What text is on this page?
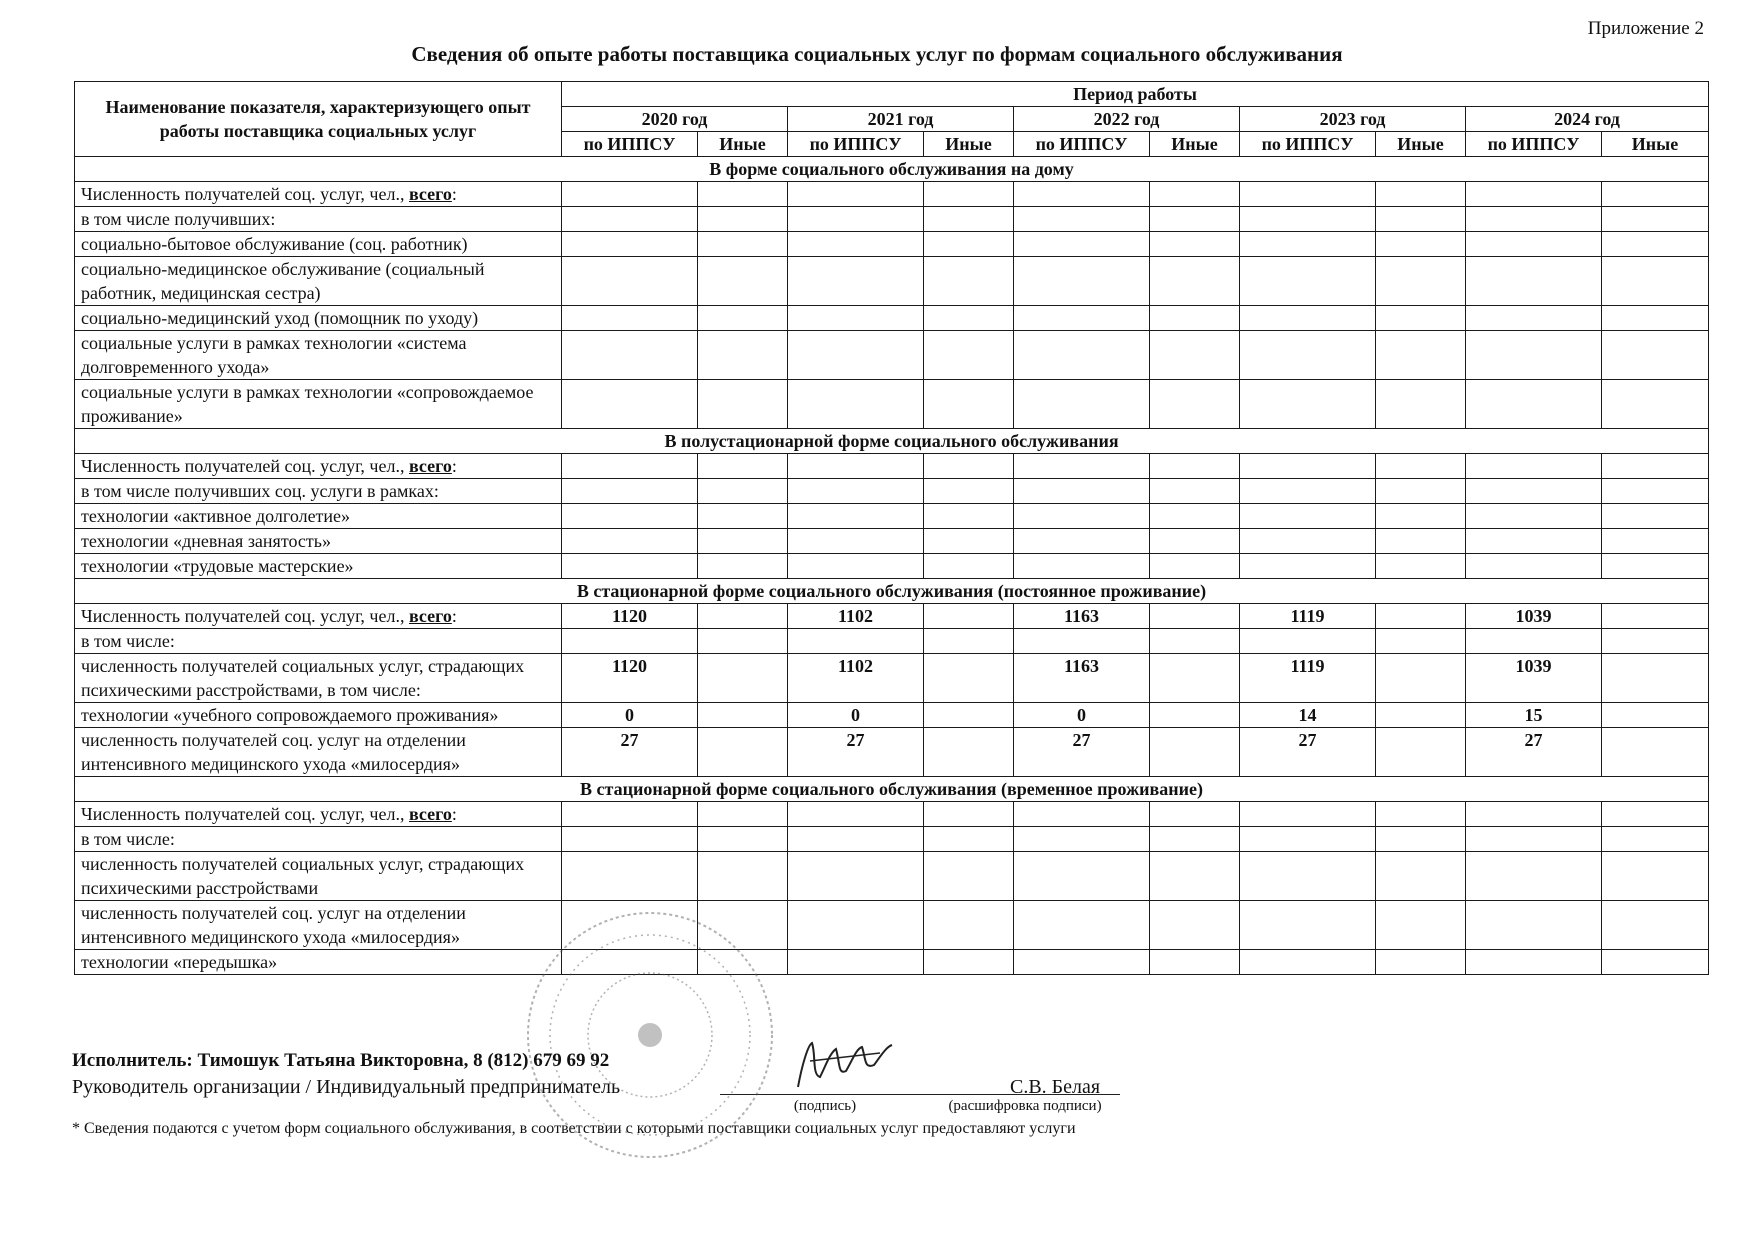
Приложение 2
Сведения об опыте работы поставщика социальных услуг по формам социального обслуживания
Наименование показателя, характеризующего опыт работы поставщика социальных услуг	Период работы									
	2020 год		2021 год		2022 год		2023 год		2024 год	
	по ИППСУ	Иные	по ИППСУ	Иные	по ИППСУ	Иные	по ИППСУ	Иные	по ИППСУ	Иные
В форме социального обслуживания на дому										
Численность получателей соц. услуг, чел., всего:										
в том числе получивших:										
социально-бытовое обслуживание (соц. работник)										
социально-медицинское обслуживание (социальный работник, медицинская сестра)										
социально-медицинский уход (помощник по уходу)										
социальные услуги в рамках технологии «система долговременного ухода»										
социальные услуги в рамках технологии «сопровождаемое проживание»										
В полустационарной форме социального обслуживания										
Численность получателей соц. услуг, чел., всего:										
в том числе получивших соц. услуги в рамках:										
технологии «активное долголетие»										
технологии «дневная занятость»										
технологии «трудовые мастерские»										
В стационарной форме социального обслуживания (постоянное проживание)										
Численность получателей соц. услуг, чел., всего:	1120		1102		1163		1119		1039	
в том числе:										
численность получателей социальных услуг, страдающих психическими расстройствами, в том числе:	1120		1102		1163		1119		1039	
технологии «учебного сопровождаемого проживания»	0		0		0		14		15	
численность получателей соц. услуг на отделении интенсивного медицинского ухода «милосердия»	27		27		27		27		27	
В стационарной форме социального обслуживания (временное проживание)										
Численность получателей соц. услуг, чел., всего:										
в том числе:										
численность получателей социальных услуг, страдающих психическими расстройствами										
численность получателей соц. услуг на отделении интенсивного медицинского ухода «милосердия»										
технологии «передышка»										
Исполнитель: Тимошук Татьяна Викторовна, 8 (812) 679 69 92
Руководитель организации / Индивидуальный предприниматель
(подпись)	(расшифровка подписи)
С.В. Белая
* Сведения подаются с учетом форм социального обслуживания, в соответствии с которыми поставщики социальных услуг предоставляют услуги
